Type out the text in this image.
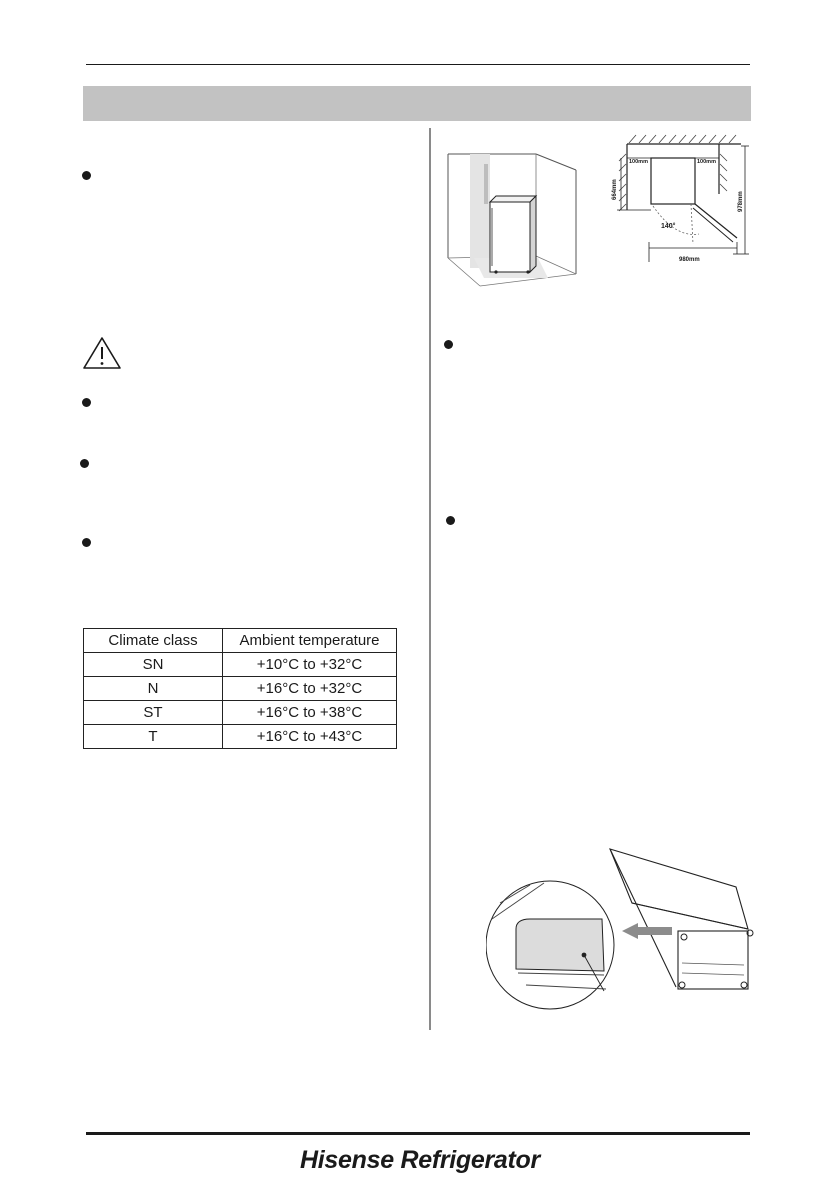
Climate class	Ambient temperature
SN	+10°C to +32°C
N	+16°C to +32°C
ST	+16°C to +38°C
T	+16°C to +43°C
100mm	100mm
664mm
978mm
140°
980mm
Hisense Refrigerator
